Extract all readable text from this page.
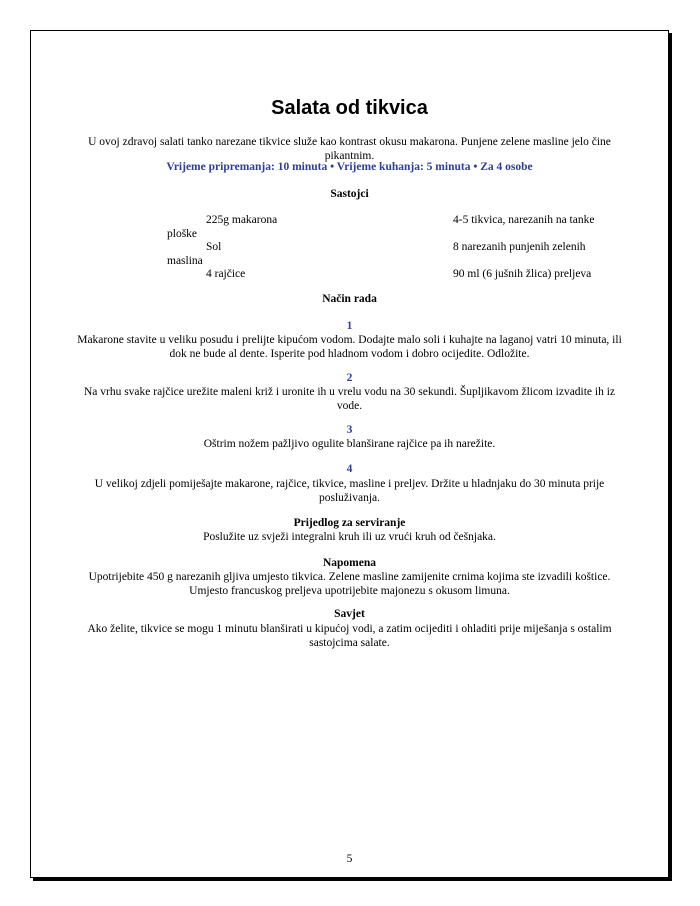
Salata od tikvica
U ovoj zdravoj salati tanko narezane tikvice služe kao kontrast okusu makarona. Punjene zelene masline jelo čine pikantnim.
Vrijeme pripremanja: 10 minuta • Vrijeme kuhanja: 5 minuta • Za 4 osobe
Sastojci
225g makarona
ploške
Sol
maslina
4 rajčice
4-5 tikvica, narezanih na tanke
8 narezanih punjenih zelenih
90 ml (6 jušnih žlica) preljeva
Način rada
1
Makarone stavite u veliku posudu i prelijte kipućom vodom. Dodajte malo soli i kuhajte na laganoj vatri 10 minuta, ili dok ne bude al dente. Isperite pod hladnom vodom i dobro ocijedite. Odložite.
2
Na vrhu svake rajčice urežite maleni križ i uronite ih u vrelu vodu na 30 sekundi. Šupljikavom žlicom izvadite ih iz vode.
3
Oštrim nožem pažljivo ogulite blanširane rajčice pa ih narežite.
4
U velikoj zdjeli pomiješajte makarone, rajčice, tikvice, masline i preljev. Držite u hladnjaku do 30 minuta prije posluživanja.
Prijedlog za serviranje
Poslužite uz svježi integralni kruh ili uz vrući kruh od češnjaka.
Napomena
Upotrijebite 450 g narezanih gljiva umjesto tikvica. Zelene masline zamijenite crnima kojima ste izvadili koštice. Umjesto francuskog preljeva upotrijebite majonezu s okusom limuna.
Savjet
Ako želite, tikvice se mogu 1 minutu blanširati u kipućoj vodi, a zatim ocijediti i ohladiti prije miješanja s ostalim sastojcima salate.
5
